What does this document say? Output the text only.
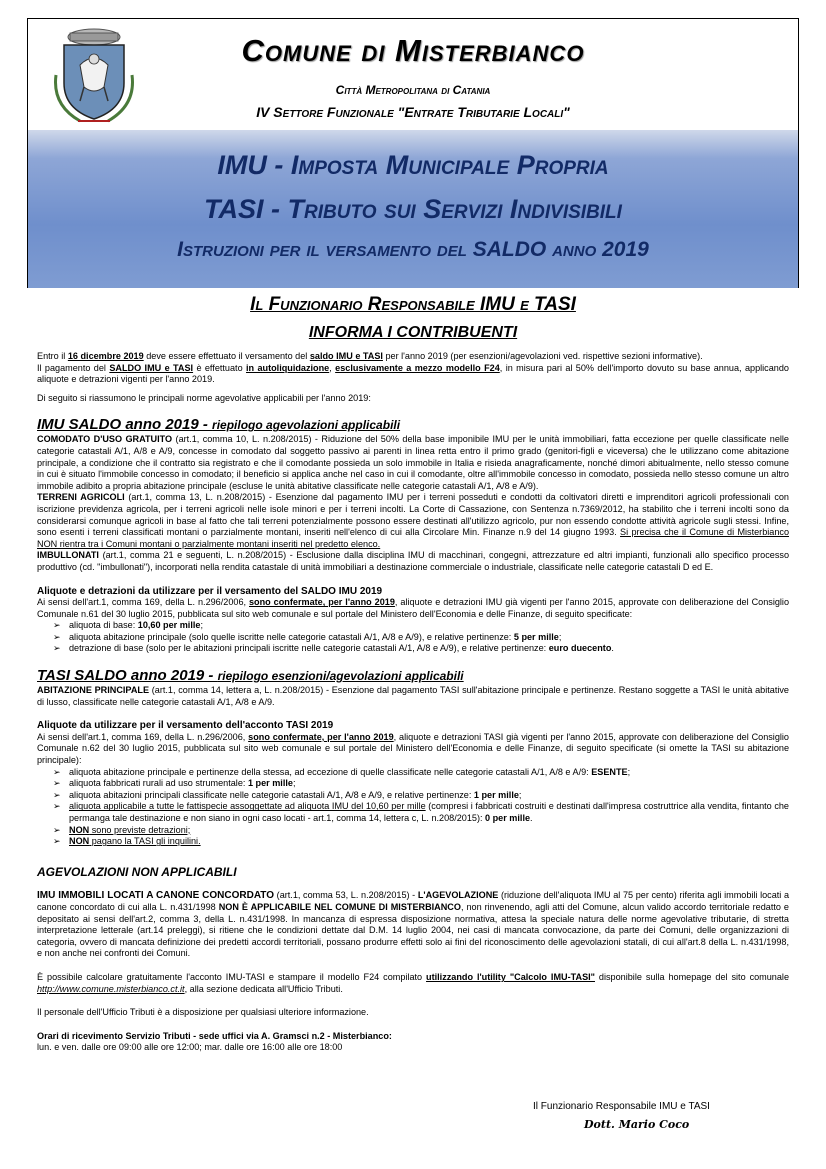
Comune di Misterbianco
Città Metropolitana di Catania
IV Settore Funzionale "Entrate Tributarie Locali"
IMU - Imposta Municipale Propria
TASI - Tributo sui Servizi Indivisibili
Istruzioni per il versamento del SALDO anno 2019
Il Funzionario Responsabile IMU e TASI
INFORMA I CONTRIBUENTI

Entro il 16 dicembre 2019 deve essere effettuato il versamento del saldo IMU e TASI per l'anno 2019 (per esenzioni/agevolazioni ved. rispettive sezioni informative).

Il pagamento del SALDO IMU e TASI è effettuato in autoliquidazione, esclusivamente a mezzo modello F24, in misura pari al 50% dell'importo dovuto su base annua, applicando aliquote e detrazioni vigenti per l'anno 2019.

Di seguito si riassumono le principali norme agevolative applicabili per l'anno 2019:

IMU SALDO anno 2019 - riepilogo agevolazioni applicabili

COMODATO D'USO GRATUITO (art.1, comma 10, L. n.208/2015) - Riduzione del 50% della base imponibile IMU per le unità immobiliari, fatta eccezione per quelle classificate nelle categorie catastali A/1, A/8 e A/9, concesse in comodato dal soggetto passivo ai parenti in linea retta entro il primo grado (genitori-figli e viceversa) che le utilizzano come abitazione principale, a condizione che il contratto sia registrato e che il comodante possieda un solo immobile in Italia e risieda anagraficamente, nonché dimori abitualmente, nello stesso comune in cui è situato l'immobile concesso in comodato; il beneficio si applica anche nel caso in cui il comodante, oltre all'immobile concesso in comodato, possieda nello stesso comune un altro immobile adibito a propria abitazione principale (escluse le unità abitative classificate nelle categorie catastali A/1, A/8 e A/9).

TERRENI AGRICOLI (art.1, comma 13, L. n.208/2015) - Esenzione dal pagamento IMU per i terreni posseduti e condotti da coltivatori diretti e imprenditori agricoli professionali con iscrizione previdenza agricola, per i terreni agricoli nelle isole minori e per i terreni incolti. La Corte di Cassazione, con Sentenza n.7369/2012, ha stabilito che i terreni incolti sono da considerarsi comunque agricoli in base al fatto che tali terreni potenzialmente possono essere destinati all'utilizzo agricolo, pur non essendo condotte attività agricole sugli stessi. Infine, sono esenti i terreni classificati montani o parzialmente montani, inseriti nell'elenco di cui alla Circolare Min. Finanze n.9 del 14 giugno 1993. Si precisa che il Comune di Misterbianco NON rientra tra i Comuni montani o parzialmente montani inseriti nel predetto elenco.

IMBULLONATI (art.1, comma 21 e seguenti, L. n.208/2015) - Esclusione dalla disciplina IMU di macchinari, congegni, attrezzature ed altri impianti, funzionali allo specifico processo produttivo (cd. "imbullonati"), incorporati nella rendita catastale di unità immobiliari a destinazione commerciale o industriale, classificate nelle categorie catastali D ed E.

Aliquote e detrazioni da utilizzare per il versamento del SALDO IMU 2019

Ai sensi dell'art.1, comma 169, della L. n.296/2006, sono confermate, per l'anno 2019, aliquote e detrazioni IMU già vigenti per l'anno 2015, approvate con deliberazione del Consiglio Comunale n.61 del 30 luglio 2015, pubblicata sul sito web comunale e sul portale del Ministero dell'Economia e delle Finanze, di seguito specificate:

➢ aliquota di base: 10,60 per mille;
➢ aliquota abitazione principale (solo quelle iscritte nelle categorie catastali A/1, A/8 e A/9), e relative pertinenze: 5 per mille;
➢ detrazione di base (solo per le abitazioni principali iscritte nelle categorie catastali A/1, A/8 e A/9), e relative pertinenze: euro duecento.

TASI SALDO anno 2019 - riepilogo esenzioni/agevolazioni applicabili

ABITAZIONE PRINCIPALE (art.1, comma 14, lettera a, L. n.208/2015) - Esenzione dal pagamento TASI sull'abitazione principale e pertinenze. Restano soggette a TASI le unità abitative di lusso, classificate nelle categorie catastali A/1, A/8 e A/9.

Aliquote da utilizzare per il versamento dell'acconto TASI 2019

Ai sensi dell'art.1, comma 169, della L. n.296/2006, sono confermate, per l'anno 2019, aliquote e detrazioni TASI già vigenti per l'anno 2015, approvate con deliberazione del Consiglio Comunale n.62 del 30 luglio 2015, pubblicata sul sito web comunale e sul portale del Ministero dell'Economia e delle Finanze, di seguito specificate (si omette la TASI su abitazione principale):

➢ aliquota abitazione principale e pertinenze della stessa, ad eccezione di quelle classificate nelle categorie catastali A/1, A/8 e A/9: ESENTE;
➢ aliquota fabbricati rurali ad uso strumentale: 1 per mille;
➢ aliquota abitazioni principali classificate nelle categorie catastali A/1, A/8 e A/9, e relative pertinenze: 1 per mille;
➢ aliquota applicabile a tutte le fattispecie assoggettate ad aliquota IMU del 10,60 per mille (compresi i fabbricati costruiti e destinati dall'impresa costruttrice alla vendita, fintanto che permanga tale destinazione e non siano in ogni caso locati - art.1, comma 14, lettera c, L. n.208/2015): 0 per mille.
➢ NON sono previste detrazioni;
➢ NON pagano la TASI gli inquilini.

AGEVOLAZIONI NON APPLICABILI

IMU IMMOBILI LOCATI A CANONE CONCORDATO (art.1, comma 53, L. n.208/2015) - L'AGEVOLAZIONE (riduzione dell'aliquota IMU al 75 per cento) riferita agli immobili locati a canone concordato di cui alla L. n.431/1998 NON È APPLICABILE NEL COMUNE DI MISTERBIANCO, non rinvenendo, agli atti del Comune, alcun valido accordo territoriale redatto e depositato ai sensi dell'art.2, comma 3, della L. n.431/1998. In mancanza di espressa disposizione normativa, attesa la speciale natura delle norme agevolative tributarie, di stretta interpretazione letterale (art.14 preleggi), si ritiene che le condizioni dettate dal D.M. 14 luglio 2004, nei casi di mancata convocazione, da parte dei Comuni, delle organizzazioni di categoria, ovvero di mancata definizione dei predetti accordi territoriali, possano produrre effetti solo ai fini del riconoscimento delle agevolazioni statali, di cui all'art.8 della L. n.431/1998, e non anche nei confronti dei Comuni.

È possibile calcolare gratuitamente l'acconto IMU-TASI e stampare il modello F24 compilato utilizzando l'utility "Calcolo IMU-TASI" disponibile sulla homepage del sito comunale http://www.comune.misterbianco.ct.it, alla sezione dedicata all'Ufficio Tributi.

Il personale dell'Ufficio Tributi è a disposizione per qualsiasi ulteriore informazione.

Orari di ricevimento Servizio Tributi - sede uffici via A. Gramsci n.2 - Misterbianco:

lun. e ven. dalle ore 09:00 alle ore 12:00; mar. dalle ore 16:00 alle ore 18:00

Il Funzionario Responsabile IMU e TASI
Dott. Mario Coco
